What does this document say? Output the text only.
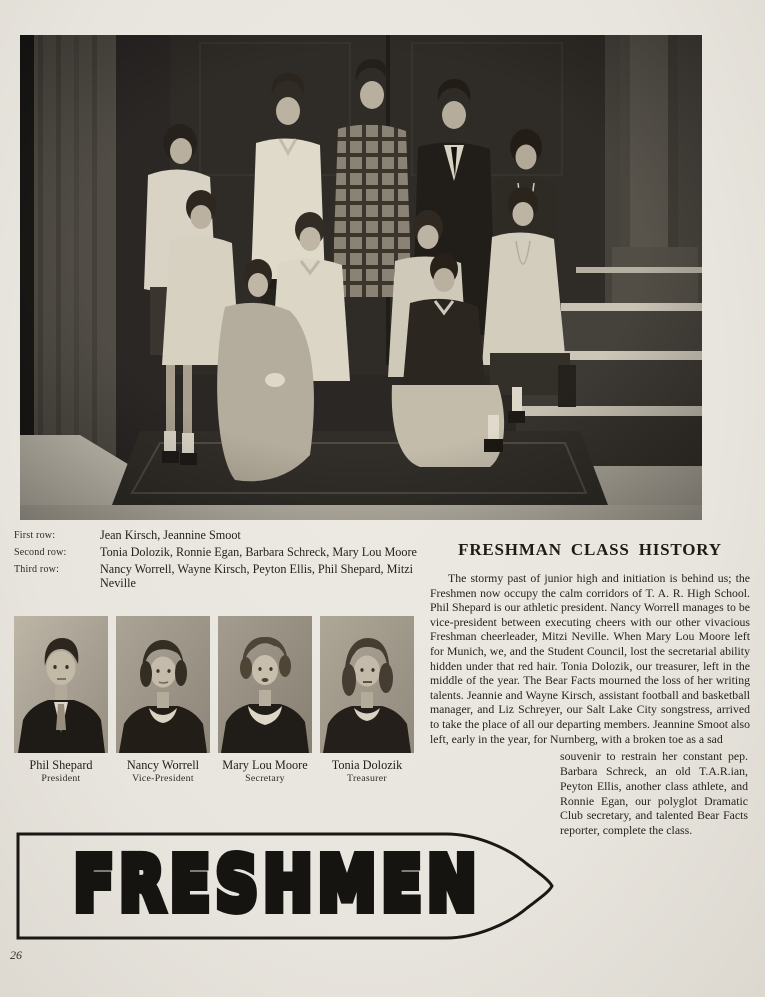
First row:	Jean Kirsch, Jeannine Smoot
Second row:	Tonia Dolozik, Ronnie Egan, Barbara Schreck, Mary Lou Moore
Third row:	Nancy Worrell, Wayne Kirsch, Peyton Ellis, Phil Shepard, Mitzi Neville
FRESHMAN CLASS HISTORY

The stormy past of junior high and initiation is behind us; the Freshmen now occupy the calm corridors of T. A. R. High School. Phil Shepard is our athletic president. Nancy Worrell manages to be vice-president between executing cheers with our other vivacious Freshman cheerleader, Mitzi Neville. When Mary Lou Moore left for Munich, we, and the Student Council, lost the secretarial ability hidden under that red hair. Tonia Dolozik, our treasurer, left in the middle of the year. The Bear Facts mourned the loss of her writing talents. Jeannie and Wayne Kirsch, assistant football and basketball manager, and Liz Schreyer, our Salt Lake City songstress, arrived to take the place of all our departing members. Jeannine Smoot also left, early in the year, for Nurnberg, with a broken toe as a sad

souvenir to restrain her constant pep. Barbara Schreck, an old T.A.R.ian, Peyton Ellis, another class athlete, and Ronnie Egan, our polyglot Dramatic Club secretary, and talented Bear Facts reporter, complete the class.

Phil Shepard
President
Nancy Worrell
Vice-President
Mary Lou Moore
Secretary
Tonia Dolozik
Treasurer
FRESHMEN
26
